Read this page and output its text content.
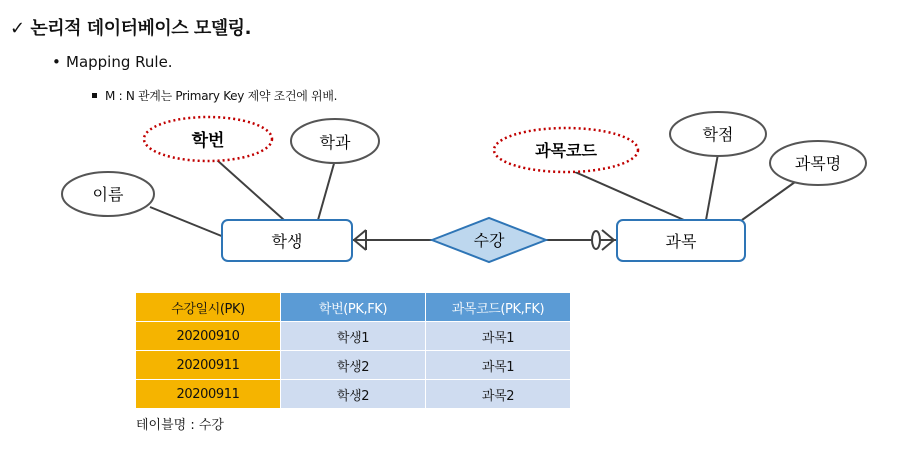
✓ 논리적 데이터베이스 모델링.
• Mapping Rule.
M : N 관계는 Primary Key 제약 조건에 위배.
이름
학번	학과	과목코드
학점
과목명
학생	과목
수강
수강일시(PK)	학번(PK,FK)	과목코드(PK,FK)
20200910	학생1	과목1
20200911	학생2	과목1
20200911	학생2	과목2
테이블명 : 수강
